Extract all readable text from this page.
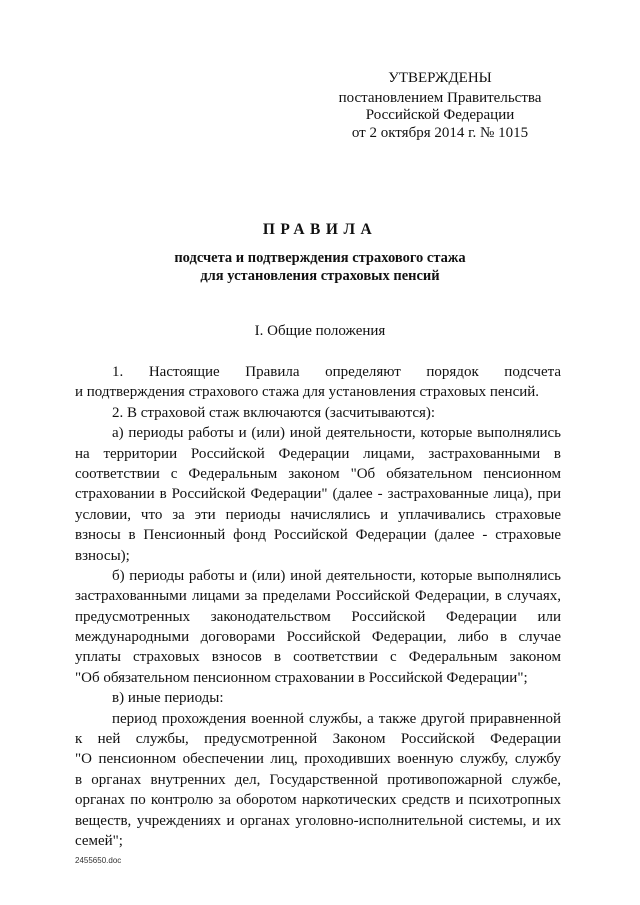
УТВЕРЖДЕНЫ
постановлением Правительства
Российской Федерации
от 2 октября 2014 г. № 1015
ПРАВИЛА
подсчета и подтверждения страхового стажа
для установления страховых пенсий
I. Общие положения
1. Настоящие Правила определяют порядок подсчета
и подтверждения страхового стажа для установления страховых пенсий.
2. В страховой стаж включаются (засчитываются):
а) периоды работы и (или) иной деятельности, которые выполнялись
на территории Российской Федерации лицами, застрахованными в
соответствии с Федеральным законом "Об обязательном пенсионном
страховании в Российской Федерации" (далее - застрахованные лица), при
условии, что за эти периоды начислялись и уплачивались страховые
взносы в Пенсионный фонд Российской Федерации (далее - страховые
взносы);
б) периоды работы и (или) иной деятельности, которые выполнялись
застрахованными лицами за пределами Российской Федерации, в случаях,
предусмотренных законодательством Российской Федерации или
международными договорами Российской Федерации, либо в случае
уплаты страховых взносов в соответствии с Федеральным законом
"Об обязательном пенсионном страховании в Российской Федерации";
в) иные периоды:
период прохождения военной службы, а также другой приравненной
к ней службы, предусмотренной Законом Российской Федерации
"О пенсионном обеспечении лиц, проходивших военную службу, службу
в органах внутренних дел, Государственной противопожарной службе,
органах по контролю за оборотом наркотических средств и психотропных
веществ, учреждениях и органах уголовно-исполнительной системы, и их
семей";
2455650.doc
